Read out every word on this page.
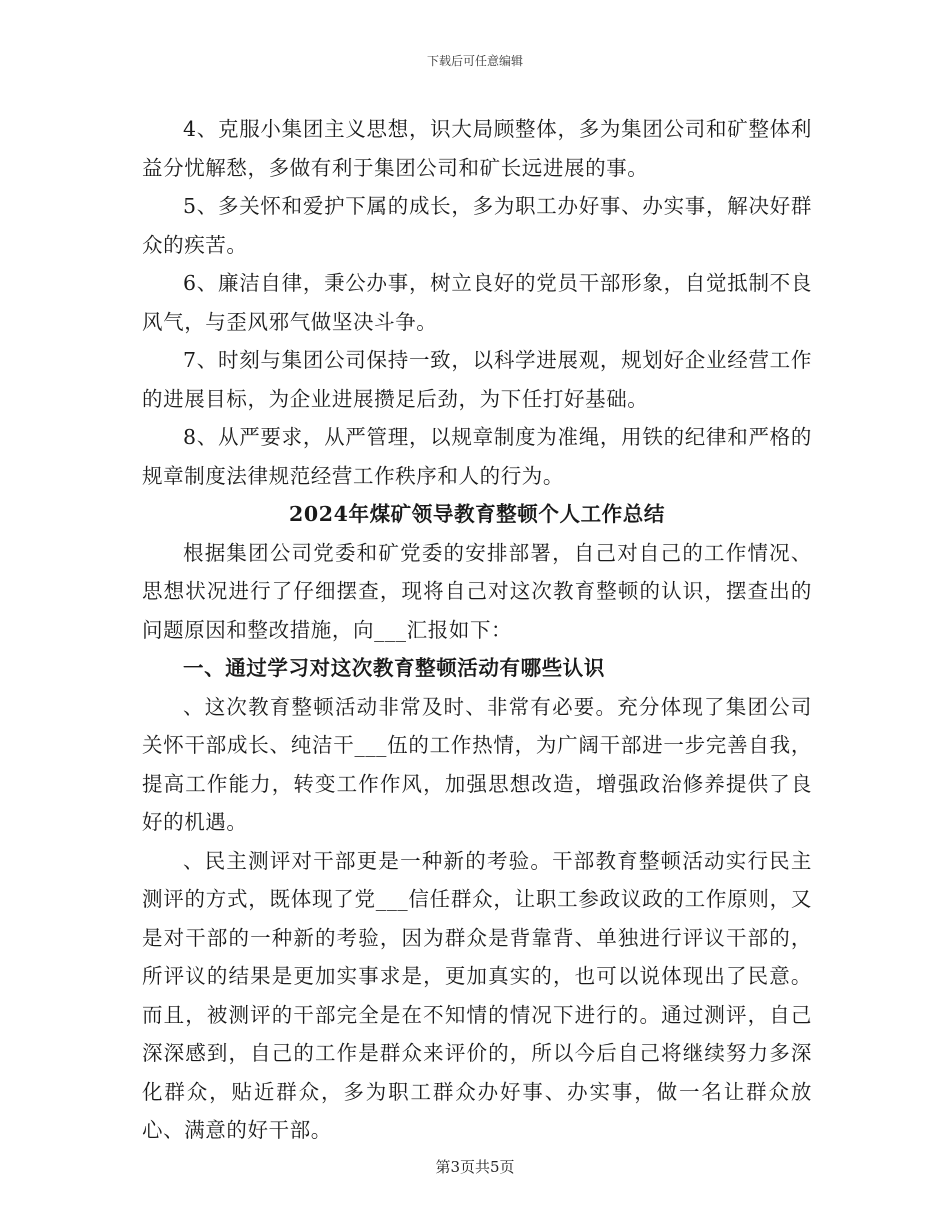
下载后可任意编辑

4、克服小集团主义思想，识大局顾整体，多为集团公司和矿整体利益分忧解愁，多做有利于集团公司和矿长远进展的事。

5、多关怀和爱护下属的成长，多为职工办好事、办实事，解决好群众的疾苦。

6、廉洁自律，秉公办事，树立良好的党员干部形象，自觉抵制不良风气，与歪风邪气做坚决斗争。

7、时刻与集团公司保持一致，以科学进展观，规划好企业经营工作的进展目标，为企业进展攒足后劲，为下任打好基础。

8、从严要求，从严管理，以规章制度为准绳，用铁的纪律和严格的规章制度法律规范经营工作秩序和人的行为。

2024年煤矿领导教育整顿个人工作总结

根据集团公司党委和矿党委的安排部署，自己对自己的工作情况、思想状况进行了仔细摆查，现将自己对这次教育整顿的认识，摆查出的问题原因和整改措施，向___汇报如下：

一、通过学习对这次教育整顿活动有哪些认识

、这次教育整顿活动非常及时、非常有必要。充分体现了集团公司关怀干部成长、纯洁干___伍的工作热情，为广阔干部进一步完善自我，提高工作能力，转变工作作风，加强思想改造，增强政治修养提供了良好的机遇。

、民主测评对干部更是一种新的考验。干部教育整顿活动实行民主测评的方式，既体现了党___信任群众，让职工参政议政的工作原则，又是对干部的一种新的考验，因为群众是背靠背、单独进行评议干部的，所评议的结果是更加实事求是，更加真实的，也可以说体现出了民意。而且，被测评的干部完全是在不知情的情况下进行的。通过测评，自己深深感到，自己的工作是群众来评价的，所以今后自己将继续努力多深化群众，贴近群众，多为职工群众办好事、办实事，做一名让群众放心、满意的好干部。

第3页共5页
